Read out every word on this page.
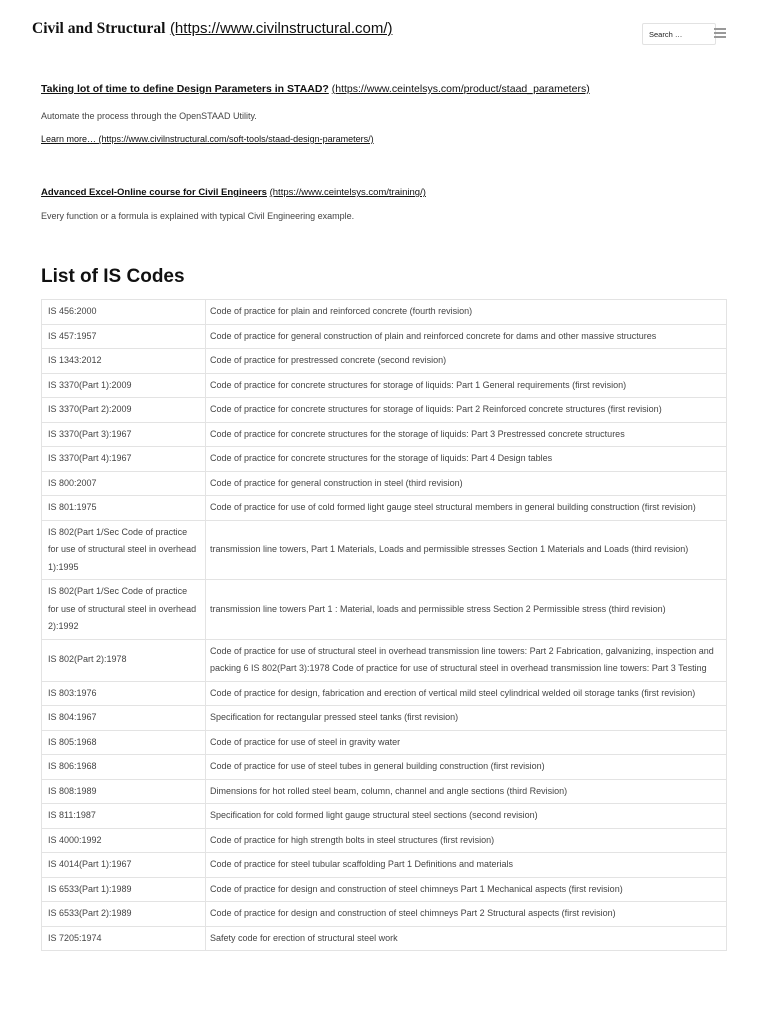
Civil and Structural (https://www.civilnstructural.com/)
Search …
Taking lot of time to define Design Parameters in STAAD? (https://www.ceintelsys.com/product/staad_parameters)
Automate the process through the OpenSTAAD Utility.
Learn more… (https://www.civilnstructural.com/soft-tools/staad-design-parameters/)
Advanced Excel-Online course for Civil Engineers (https://www.ceintelsys.com/training/)
Every function or a formula is explained with typical Civil Engineering example.
List of IS Codes
IS 456:2000	Code of practice for plain and reinforced concrete (fourth revision)
IS 457:1957	Code of practice for general construction of plain and reinforced concrete for dams and other massive structures
IS 1343:2012	Code of practice for prestressed concrete (second revision)
IS 3370(Part 1):2009	Code of practice for concrete structures for storage of liquids: Part 1 General requirements (first revision)
IS 3370(Part 2):2009	Code of practice for concrete structures for storage of liquids: Part 2 Reinforced concrete structures (first revision)
IS 3370(Part 3):1967	Code of practice for concrete structures for the storage of liquids: Part 3 Prestressed concrete structures
IS 3370(Part 4):1967	Code of practice for concrete structures for the storage of liquids: Part 4 Design tables
IS 800:2007	Code of practice for general construction in steel (third revision)
IS 801:1975	Code of practice for use of cold formed light gauge steel structural members in general building construction (first revision)
IS 802(Part 1/Sec Code of practice for use of structural steel in overhead 1):1995	transmission line towers, Part 1 Materials, Loads and permissible stresses Section 1 Materials and Loads (third revision)
IS 802(Part 1/Sec Code of practice for use of structural steel in overhead 2):1992	transmission line towers Part 1 : Material, loads and permissible stress Section 2 Permissible stress (third revision)
IS 802(Part 2):1978	Code of practice for use of structural steel in overhead transmission line towers: Part 2 Fabrication, galvanizing, inspection and packing 6 IS 802(Part 3):1978 Code of practice for use of structural steel in overhead transmission line towers: Part 3 Testing
IS 803:1976	Code of practice for design, fabrication and erection of vertical mild steel cylindrical welded oil storage tanks (first revision)
IS 804:1967	Specification for rectangular pressed steel tanks (first revision)
IS 805:1968	Code of practice for use of steel in gravity water
IS 806:1968	Code of practice for use of steel tubes in general building construction (first revision)
IS 808:1989	Dimensions for hot rolled steel beam, column, channel and angle sections (third Revision)
IS 811:1987	Specification for cold formed light gauge structural steel sections (second revision)
IS 4000:1992	Code of practice for high strength bolts in steel structures (first revision)
IS 4014(Part 1):1967	Code of practice for steel tubular scaffolding Part 1 Definitions and materials
IS 6533(Part 1):1989	Code of practice for design and construction of steel chimneys Part 1 Mechanical aspects (first revision)
IS 6533(Part 2):1989	Code of practice for design and construction of steel chimneys Part 2 Structural aspects (first revision)
IS 7205:1974	Safety code for erection of structural steel work
